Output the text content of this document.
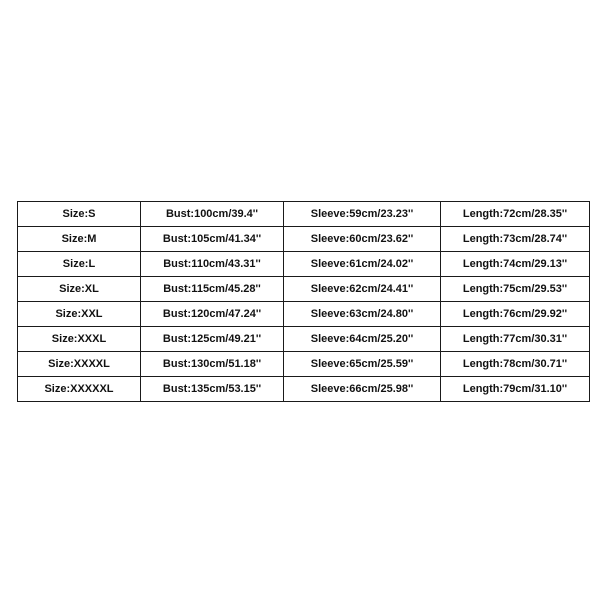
Size:S	Bust:100cm/39.4''	Sleeve:59cm/23.23''	Length:72cm/28.35''
Size:M	Bust:105cm/41.34''	Sleeve:60cm/23.62''	Length:73cm/28.74''
Size:L	Bust:110cm/43.31''	Sleeve:61cm/24.02''	Length:74cm/29.13''
Size:XL	Bust:115cm/45.28''	Sleeve:62cm/24.41''	Length:75cm/29.53''
Size:XXL	Bust:120cm/47.24''	Sleeve:63cm/24.80''	Length:76cm/29.92''
Size:XXXL	Bust:125cm/49.21''	Sleeve:64cm/25.20''	Length:77cm/30.31''
Size:XXXXL	Bust:130cm/51.18''	Sleeve:65cm/25.59''	Length:78cm/30.71''
Size:XXXXXL	Bust:135cm/53.15''	Sleeve:66cm/25.98''	Length:79cm/31.10''
